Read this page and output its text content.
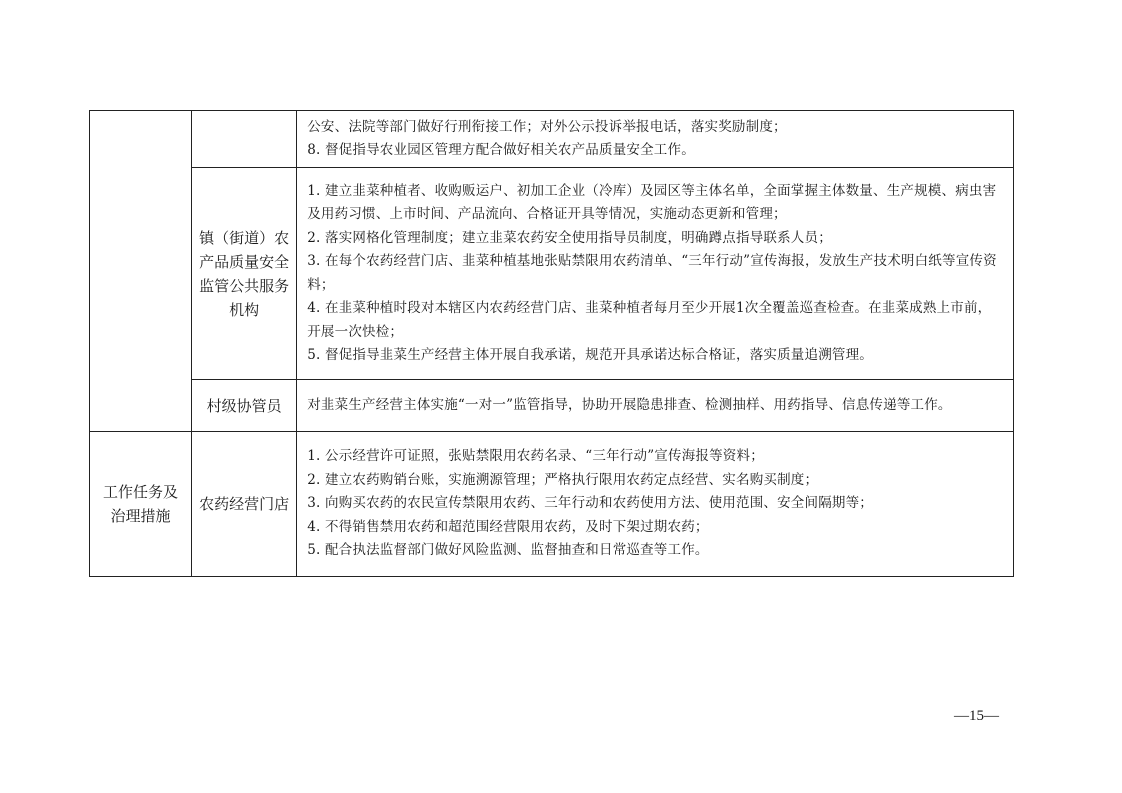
		公安、法院等部门做好行刑衔接工作；对外公示投诉举报电话，落实奖励制度；

8. 督促指导农业园区管理方配合做好相关农产品质量安全工作。

	镇（街道）农产品质量安全监管公共服务机构	1. 建立韭菜种植者、收购贩运户、初加工企业（冷库）及园区等主体名单，全面掌握主体数量、生产规模、病虫害及用药习惯、上市时间、产品流向、合格证开具等情况，实施动态更新和管理；

2. 落实网格化管理制度；建立韭菜农药安全使用指导员制度，明确蹲点指导联系人员；

3. 在每个农药经营门店、韭菜种植基地张贴禁限用农药清单、“三年行动”宣传海报，发放生产技术明白纸等宣传资料；

4. 在韭菜种植时段对本辖区内农药经营门店、韭菜种植者每月至少开展1次全覆盖巡查检查。在韭菜成熟上市前，开展一次快检；

5. 督促指导韭菜生产经营主体开展自我承诺，规范开具承诺达标合格证，落实质量追溯管理。

	村级协管员	对韭菜生产经营主体实施“一对一”监管指导，协助开展隐患排查、检测抽样、用药指导、信息传递等工作。

工作任务及治理措施	农药经营门店	1. 公示经营许可证照，张贴禁限用农药名录、“三年行动”宣传海报等资料；

2. 建立农药购销台账，实施溯源管理；严格执行限用农药定点经营、实名购买制度；

3. 向购买农药的农民宣传禁限用农药、三年行动和农药使用方法、使用范围、安全间隔期等；

4. 不得销售禁用农药和超范围经营限用农药，及时下架过期农药；

5. 配合执法监督部门做好风险监测、监督抽查和日常巡查等工作。

—15—
